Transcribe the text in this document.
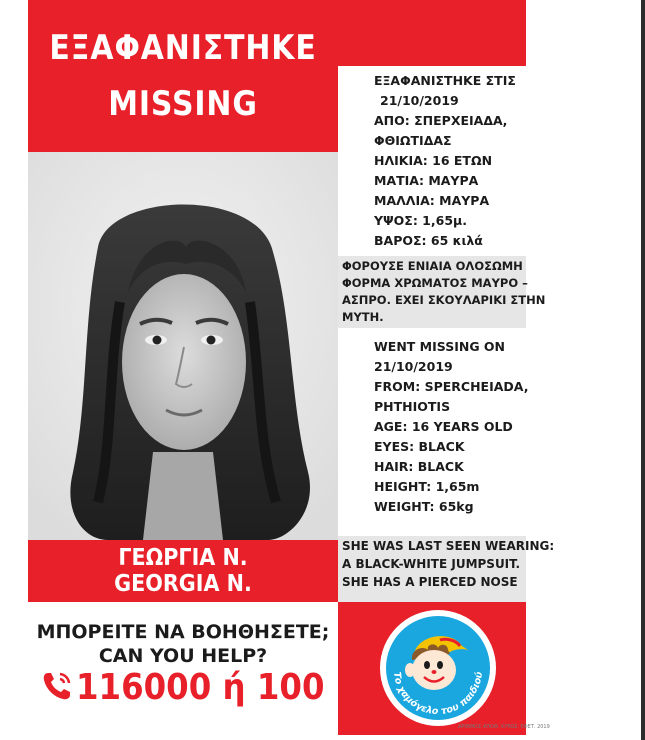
ΕΞΑΦΑΝΙΣΤΗΚΕ
MISSING
ΕΞΑΦΑΝΙΣΤΗΚΕ ΣΤΙΣ
21/10/2019
ΑΠΟ: ΣΠΕΡΧΕΙΑΔΑ,
ΦΘΙΩΤΙΔΑΣ
ΗΛΙΚΙΑ: 16 ΕΤΩΝ
ΜΑΤΙΑ: ΜΑΥΡΑ
ΜΑΛΛΙΑ: ΜΑΥΡΑ
ΥΨΟΣ: 1,65μ.
ΒΑΡΟΣ: 65 κιλά
ΦΟΡΟΥΣΕ ΕΝΙΑΙΑ ΟΛΟΣΩΜΗ
ΦΟΡΜΑ ΧΡΩΜΑΤΟΣ ΜΑΥΡΟ –
ΑΣΠΡΟ. ΕΧΕΙ ΣΚΟΥΛΑΡΙΚΙ ΣΤΗΝ
ΜΥΤΗ.
WENT MISSING ON
21/10/2019
FROM: SPERCHEIADA,
PHTHIOTIS
AGE: 16 YEARS OLD
EYES: BLACK
HAIR: BLACK
HEIGHT: 1,65m
WEIGHT: 65kg
SHE WAS LAST SEEN WEARING:
A BLACK-WHITE JUMPSUIT.
SHE HAS A PIERCED NOSE
ΓΕΩΡΓΙΑ Ν.
GEORGIA N.
ΜΠΟΡΕΙΤΕ ΝΑ ΒΟΗΘΗΣΕΤΕ;
CAN YOU HELP?
116000 ή 100	Το χαμόγελο του παιδιού
ΑΡΙΘΜΟΣ ΑΠΟΦ. ΚΥΡΩΣ. ΕΦΕΤ. 2019
